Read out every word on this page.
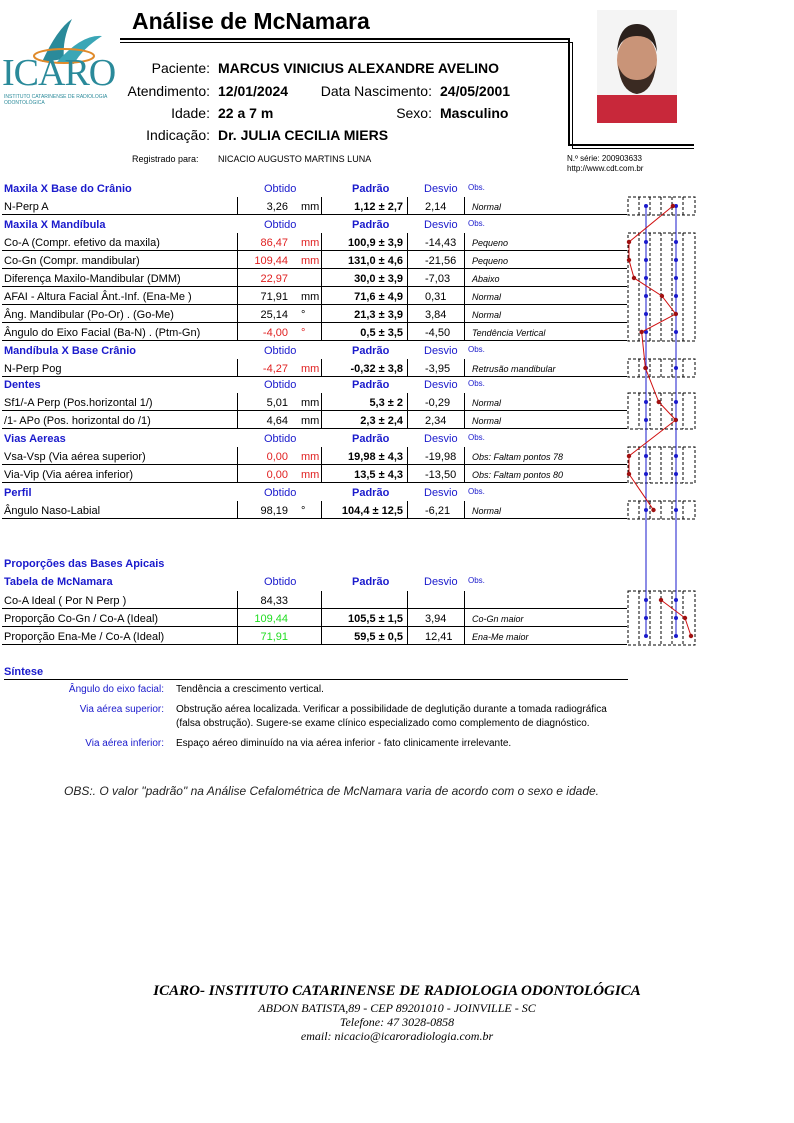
ICARO
INSTITUTO CATARINENSE DE RADIOLOGIA ODONTOLÓGICA
Análise de McNamara
Paciente: MARCUS VINICIUS ALEXANDRE AVELINO
Atendimento: 12/01/2024	Data Nascimento: 24/05/2001
Idade: 22 a 7 m	Sexo: Masculino
Indicação: Dr. JULIA CECILIA MIERS
Registrado para: NICACIO AUGUSTO MARTINS LUNA	N.º série: 200903633
http://www.cdt.com.br
Maxila X Base do Crânio	Obtido	Padrão	Desvio Obs.
N-Perp A	3,26 mm	1,12 ± 2,7	2,14	Normal
Maxila X Mandíbula	Obtido	Padrão	Desvio Obs.
Co-A (Compr. efetivo da maxila)	86,47 mm	100,9 ± 3,9	-14,43	Pequeno
Co-Gn (Compr. mandibular)	109,44 mm	131,0 ± 4,6	-21,56	Pequeno
Diferença Maxilo-Mandibular (DMM)	22,97	30,0 ± 3,9	-7,03	Abaixo
AFAI - Altura Facial Ânt.-Inf. (Ena-Me )	71,91 mm	71,6 ± 4,9	0,31	Normal
Âng. Mandibular (Po-Or) . (Go-Me)	25,14 °	21,3 ± 3,9	3,84	Normal
Ângulo do Eixo Facial (Ba-N) . (Ptm-Gn)	-4,00 °	0,5 ± 3,5	-4,50	Tendência Vertical
Mandíbula X Base Crânio	Obtido	Padrão	Desvio Obs.
N-Perp Pog	-4,27 mm	-0,32 ± 3,8	-3,95	Retrusão mandibular
Dentes	Obtido	Padrão	Desvio Obs.
Sf1/-A Perp (Pos.horizontal 1/)	5,01 mm	5,3 ± 2	-0,29	Normal
/1- APo (Pos. horizontal do /1)	4,64 mm	2,3 ± 2,4	2,34	Normal
Vias Aereas	Obtido	Padrão	Desvio Obs.
Vsa-Vsp (Via aérea superior)	0,00 mm	19,98 ± 4,3	-19,98	Obs: Faltam pontos 78
Via-Vip (Via aérea inferior)	0,00 mm	13,5 ± 4,3	-13,50	Obs: Faltam pontos 80
Perfil	Obtido	Padrão	Desvio Obs.
Ângulo Naso-Labial	98,19 °	104,4 ± 12,5	-6,21	Normal
Tabela de McNamara	Obtido	Padrão	Desvio Obs.
Co-A Ideal ( Por N Perp )	84,33
Proporção Co-Gn / Co-A (Ideal)	109,44	105,5 ± 1,5	3,94	Co-Gn maior
Proporção Ena-Me / Co-A (Ideal)	71,91	59,5 ± 0,5	12,41	Ena-Me maior
Proporções das Bases Apicais
Síntese
Ângulo do eixo facial: Tendência a crescimento vertical.
Via aérea superior: Obstrução aérea localizada. Verificar a possibilidade de deglutição durante a tomada radiográfica (falsa obstrução). Sugere-se exame clínico especializado como complemento de diagnóstico.
Via aérea inferior: Espaço aéreo diminuído na via aérea inferior - fato clinicamente irrelevante.
OBS:. O valor "padrão" na Análise Cefalométrica de McNamara varia de acordo com o sexo e idade.
ICARO- INSTITUTO CATARINENSE DE RADIOLOGIA ODONTOLÓGICA
ABDON BATISTA,89 - CEP 89201010 - JOINVILLE - SC
Telefone: 47 3028-0858
email: nicacio@icaroradiologia.com.br
